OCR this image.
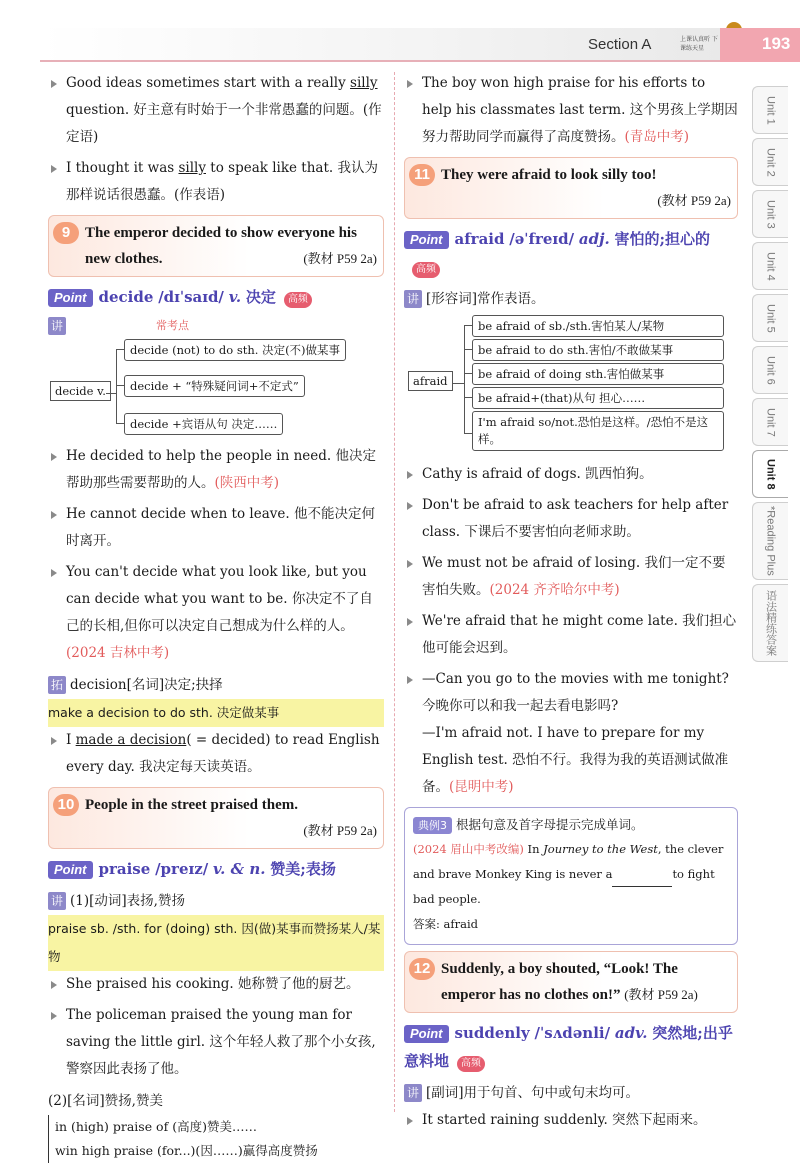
Section A	上课认真听 下课练天星	193
Unit 1
Unit 2
Unit 3
Unit 4
Unit 5
Unit 6
Unit 7
Unit 8
*Reading Plus
语法精练答案
Good ideas sometimes start with a really silly question. 好主意有时始于一个非常愚蠢的问题。(作定语)
I thought it was silly to speak like that. 我认为那样说话很愚蠢。(作表语)
9 The emperor decided to show everyone his new clothes.	(教材 P59 2a)
Point decide /dɪˈsaɪd/ v. 决定 高频
讲	常考点
decide v.
decide (not) to do sth. 决定(不)做某事
decide + “特殊疑问词+不定式”
decide +宾语从句 决定……
He decided to help the people in need. 他决定帮助那些需要帮助的人。(陕西中考)
He cannot decide when to leave. 他不能决定何时离开。
You can't decide what you look like, but you can decide what you want to be. 你决定不了自己的长相,但你可以决定自己想成为什么样的人。(2024 吉林中考)
拓 decision[名词]决定;抉择
make a decision to do sth. 决定做某事
I made a decision( = decided) to read English every day. 我决定每天读英语。
10 People in the street praised them.

(教材 P59 2a)
Point praise /preɪz/ v. & n. 赞美;表扬
讲 (1)[动词]表扬,赞扬
praise sb. /sth. for (doing) sth. 因(做)某事而赞扬某人/某物
She praised his cooking. 她称赞了他的厨艺。
The policeman praised the young man for saving the little girl. 这个年轻人救了那个小女孩,警察因此表扬了他。
(2)[名词]赞扬,赞美
in (high) praise of (高度)赞美……
win high praise (for...)(因……)赢得高度赞扬
The boy won high praise for his efforts to help his classmates last term. 这个男孩上学期因努力帮助同学而赢得了高度赞扬。(青岛中考)
11 They were afraid to look silly too!

(教材 P59 2a)
Point afraid /əˈfreɪd/ adj. 害怕的;担心的高频
讲 [形容词]常作表语。
afraid
be afraid of sb./sth.害怕某人/某物
be afraid to do sth.害怕/不敢做某事
be afraid of doing sth.害怕做某事
be afraid+(that)从句 担心……
I'm afraid so/not.恐怕是这样。/恐怕不是这样。
Cathy is afraid of dogs. 凯西怕狗。
Don't be afraid to ask teachers for help after class. 下课后不要害怕向老师求助。
We must not be afraid of losing. 我们一定不要害怕失败。(2024 齐齐哈尔中考)
We're afraid that he might come late. 我们担心他可能会迟到。
—Can you go to the movies with me tonight? 今晚你可以和我一起去看电影吗?
—I'm afraid not. I have to prepare for my English test. 恐怕不行。我得为我的英语测试做准备。(昆明中考)
典例3 根据句意及首字母提示完成单词。
(2024 眉山中考改编) In Journey to the West, the clever and brave Monkey King is never a	to fight bad people.
答案: afraid
12 Suddenly, a boy shouted, “Look! The emperor has no clothes on!” (教材 P59 2a)
Point suddenly /ˈsʌdənli/ adv. 突然地;出乎意料地 高频
讲 [副词]用于句首、句中或句末均可。
It started raining suddenly. 突然下起雨来。
